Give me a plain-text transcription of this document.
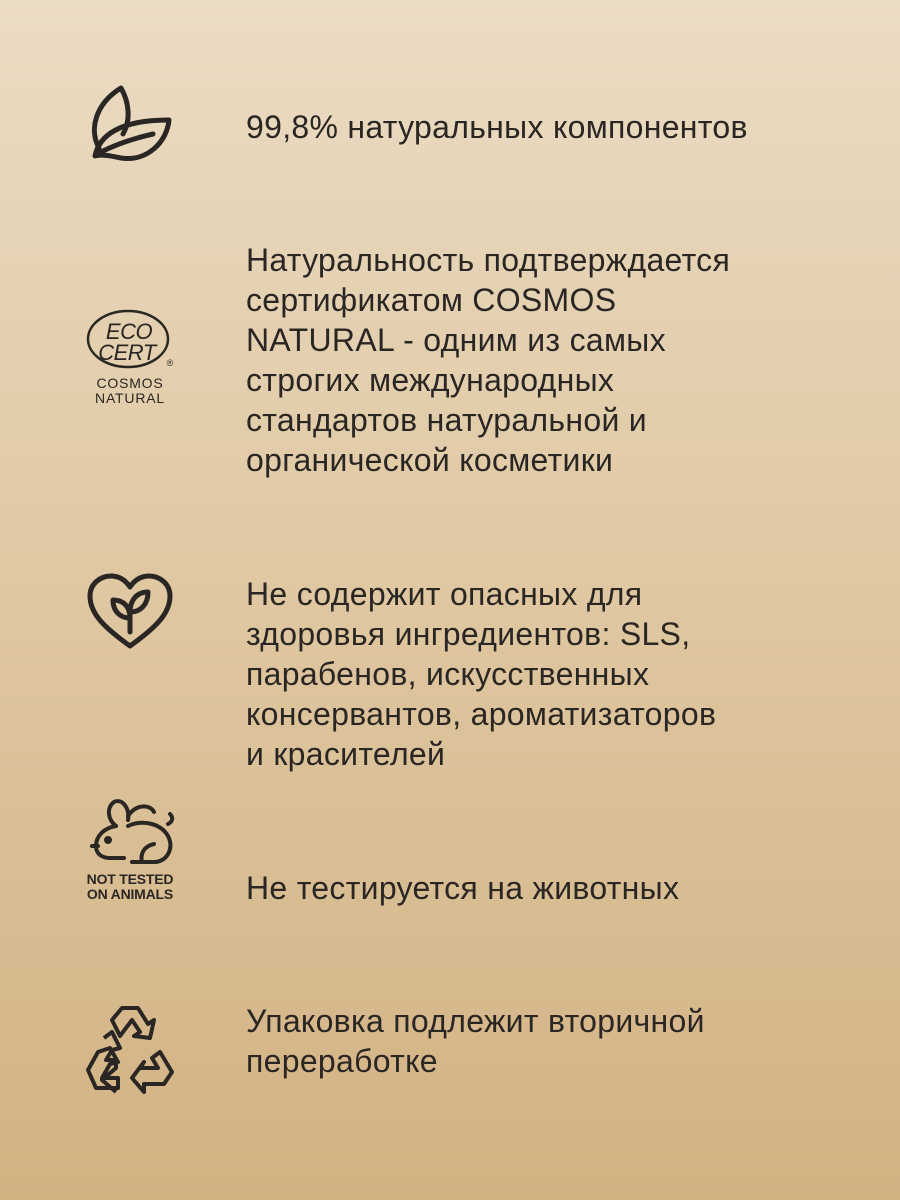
99,8% натуральных компонентов

ECO
CERT ®
COSMOS
NATURAL

Натуральность подтверждается
сертификатом COSMOS
NATURAL - одним из самых
строгих международных
стандартов натуральной и
органической косметики

Не содержит опасных для
здоровья ингредиентов: SLS,
парабенов, искусственных
консервантов, ароматизаторов
и красителей

NOT TESTED
ON ANIMALS Не тестируется на животных

Упаковка подлежит вторичной
переработке
